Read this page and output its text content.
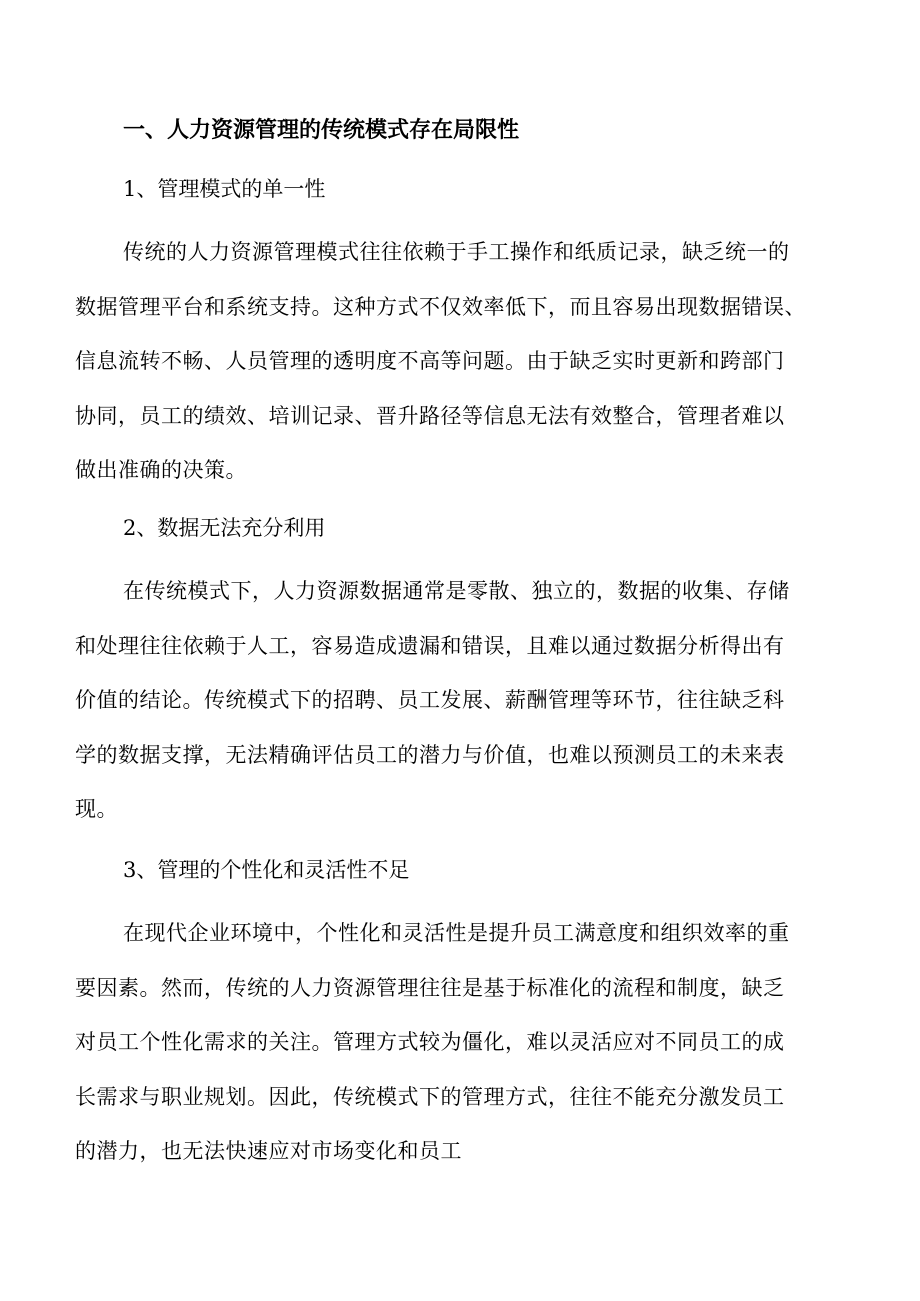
一、人力资源管理的传统模式存在局限性
1、管理模式的单一性
传统的人力资源管理模式往往依赖于手工操作和纸质记录，缺乏统一的
数据管理平台和系统支持。这种方式不仅效率低下，而且容易出现数据错误、
信息流转不畅、人员管理的透明度不高等问题。由于缺乏实时更新和跨部门
协同，员工的绩效、培训记录、晋升路径等信息无法有效整合，管理者难以
做出准确的决策。
2、数据无法充分利用
在传统模式下，人力资源数据通常是零散、独立的，数据的收集、存储
和处理往往依赖于人工，容易造成遗漏和错误，且难以通过数据分析得出有
价值的结论。传统模式下的招聘、员工发展、薪酬管理等环节，往往缺乏科
学的数据支撑，无法精确评估员工的潜力与价值，也难以预测员工的未来表
现。
3、管理的个性化和灵活性不足
在现代企业环境中，个性化和灵活性是提升员工满意度和组织效率的重
要因素。然而，传统的人力资源管理往往是基于标准化的流程和制度，缺乏
对员工个性化需求的关注。管理方式较为僵化，难以灵活应对不同员工的成
长需求与职业规划。因此，传统模式下的管理方式，往往不能充分激发员工
的潜力，也无法快速应对市场变化和员工
